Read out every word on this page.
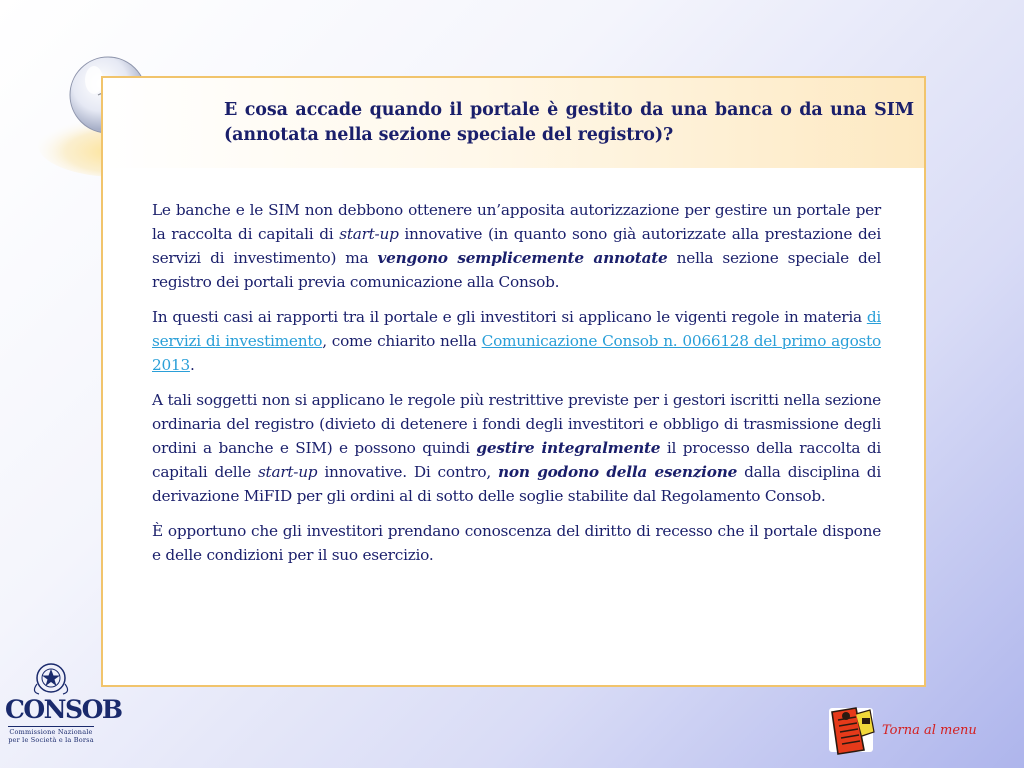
E cosa accade quando il portale è gestito da una banca o da una SIM (annotata nella sezione speciale del registro)?

Le banche e le SIM non debbono ottenere un’apposita autorizzazione per gestire un portale per la raccolta di capitali di start-up innovative (in quanto sono già autorizzate alla prestazione dei servizi di investimento) ma vengono semplicemente annotate nella sezione speciale del registro dei portali previa comunicazione alla Consob.

In questi casi ai rapporti tra il portale e gli investitori si applicano le vigenti regole in materia di servizi di investimento, come chiarito nella Comunicazione Consob n. 0066128 del primo agosto 2013.

A tali soggetti non si applicano le regole più restrittive previste per i gestori iscritti nella sezione ordinaria del registro (divieto di detenere i fondi degli investitori e obbligo di trasmissione degli ordini a banche e SIM) e possono quindi gestire integralmente il processo della raccolta di capitali delle start-up innovative. Di contro, non godono della esenzione dalla disciplina di derivazione MiFID per gli ordini al di sotto delle soglie stabilite dal Regolamento Consob.

È opportuno che gli investitori prendano conoscenza del diritto di recesso che il portale dispone e delle condizioni per il suo esercizio.

CONSOB
Commissione Nazionale
per le Società e la Borsa
Torna al menu
